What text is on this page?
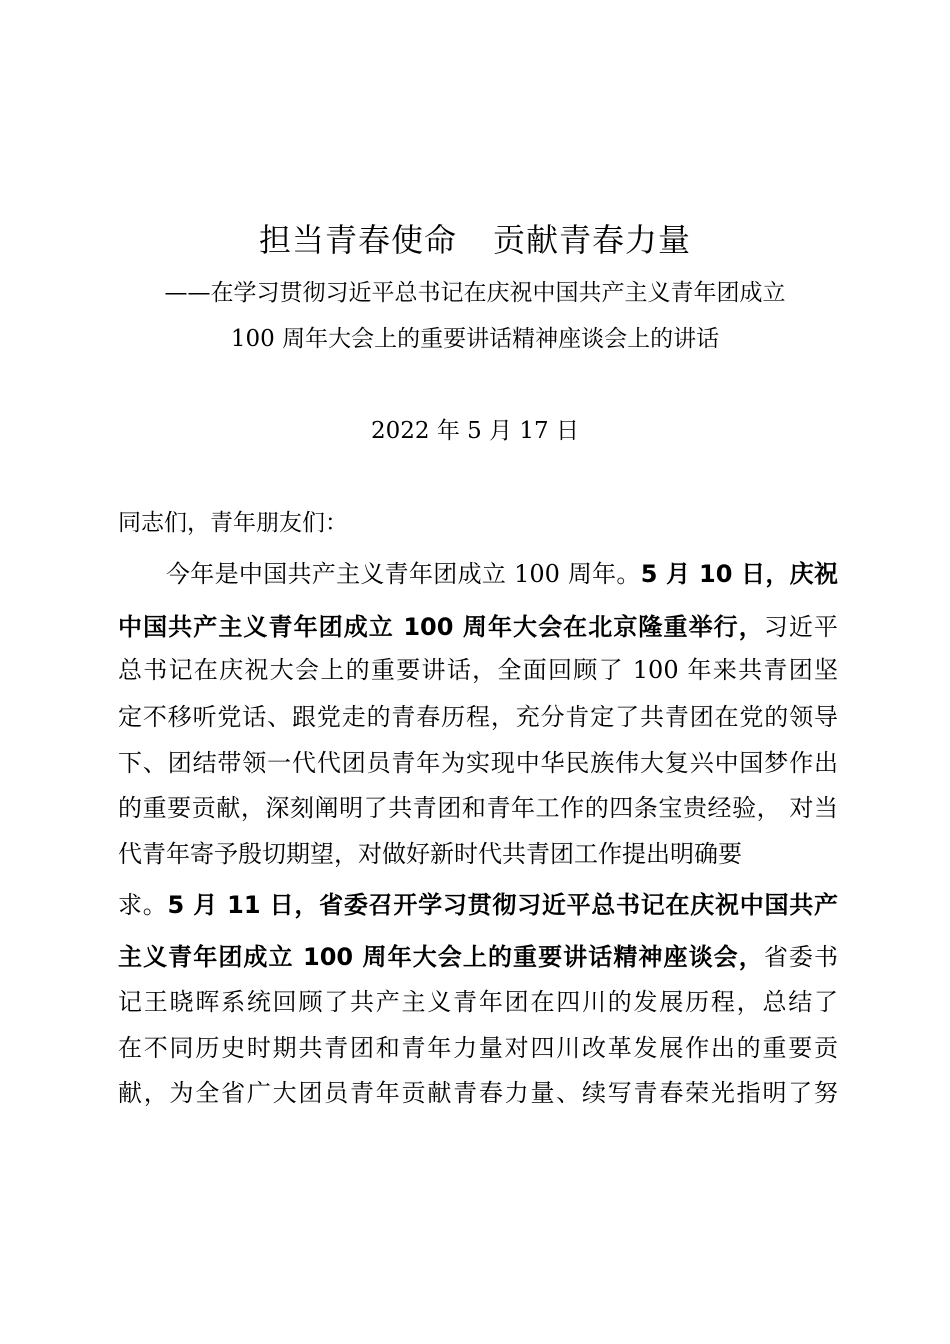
担当青春使命 贡献青春力量
——在学习贯彻习近平总书记在庆祝中国共产主义青年团成立
100 周年大会上的重要讲话精神座谈会上的讲话
2022 年 5 月 17 日
同志们，青年朋友们：
今年是中国共产主义青年团成立 100 周年。5 月 10 日，庆祝
中国共产主义青年团成立 100 周年大会在北京隆重举行，习近平
总书记在庆祝大会上的重要讲话，全面回顾了 100 年来共青团坚
定不移听党话、跟党走的青春历程，充分肯定了共青团在党的领导
下、团结带领一代代团员青年为实现中华民族伟大复兴中国梦作出
的重要贡献，深刻阐明了共青团和青年工作的四条宝贵经验， 对当
代青年寄予殷切期望，对做好新时代共青团工作提出明确要
求。5 月 11 日，省委召开学习贯彻习近平总书记在庆祝中国共产
主义青年团成立 100 周年大会上的重要讲话精神座谈会，省委书
记王晓晖系统回顾了共产主义青年团在四川的发展历程，总结了
在不同历史时期共青团和青年力量对四川改革发展作出的重要贡
献，为全省广大团员青年贡献青春力量、续写青春荣光指明了努
